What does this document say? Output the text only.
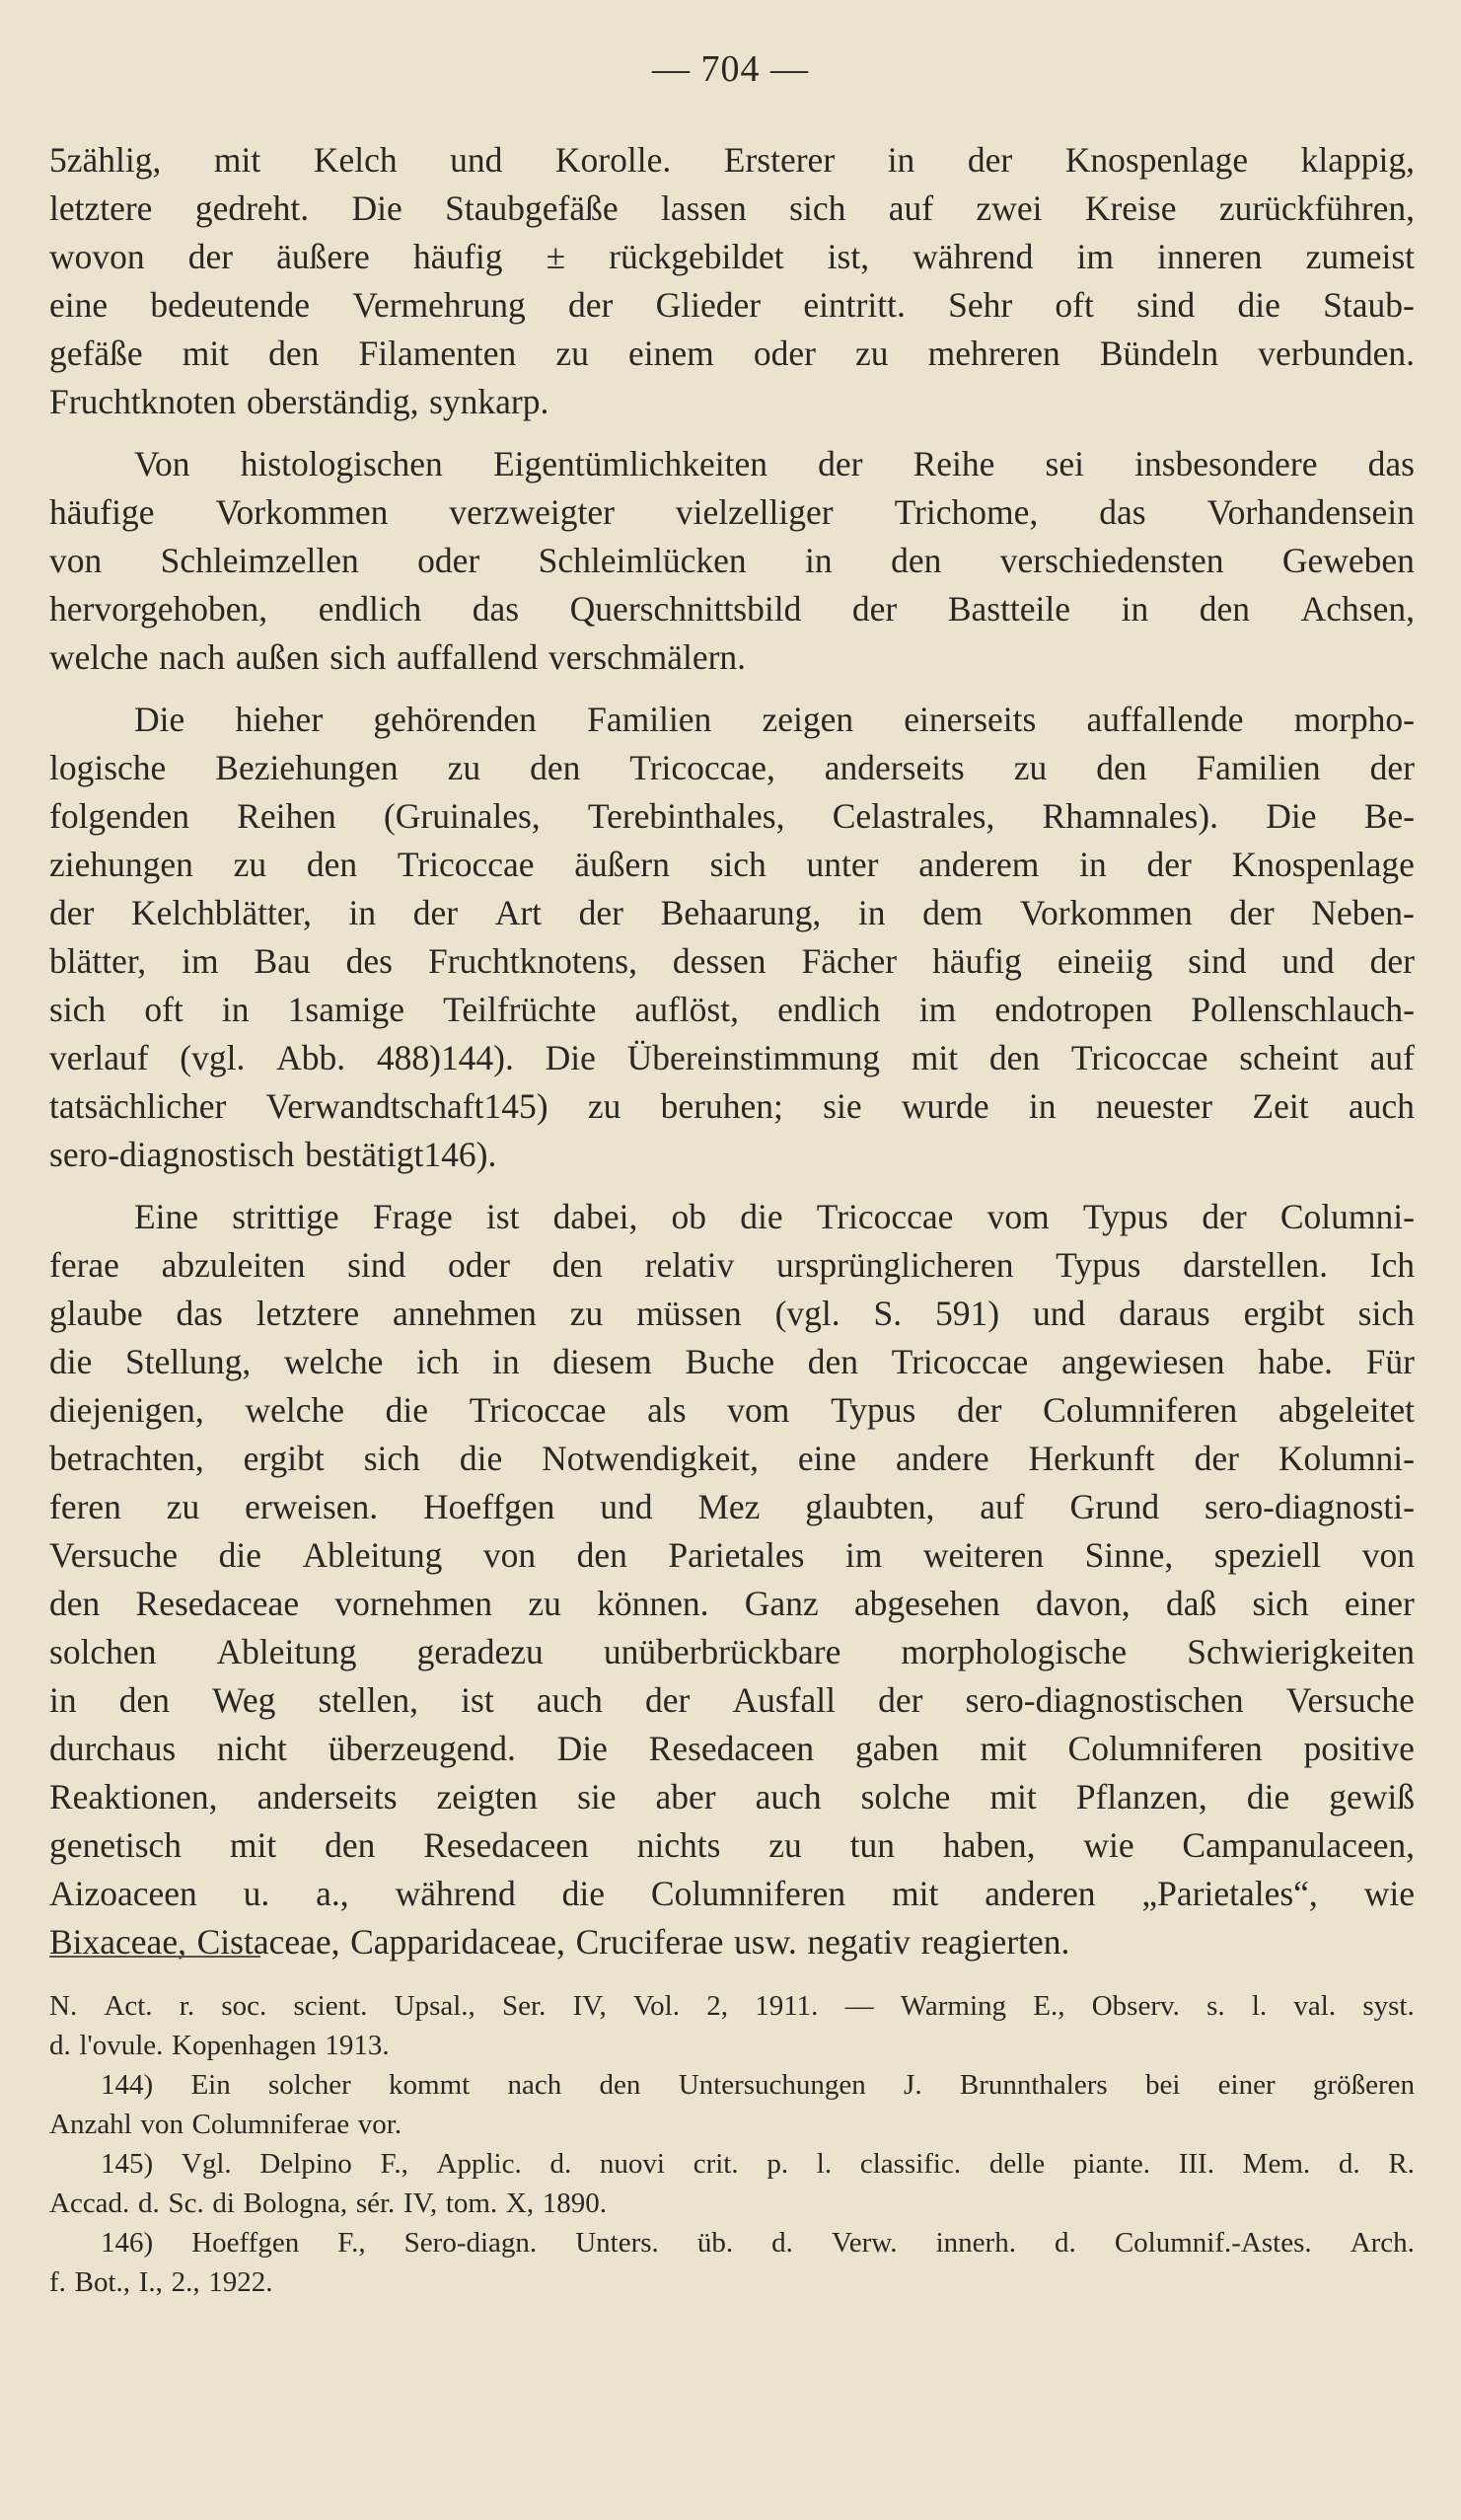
— 704 —
5zählig, mit Kelch und Korolle. Ersterer in der Knospenlage klappig,
letztere gedreht. Die Staubgefäße lassen sich auf zwei Kreise zurückführen,
wovon der äußere häufig ± rückgebildet ist, während im inneren zumeist
eine bedeutende Vermehrung der Glieder eintritt. Sehr oft sind die Staub-
gefäße mit den Filamenten zu einem oder zu mehreren Bündeln verbunden.
Fruchtknoten oberständig, synkarp.
Von histologischen Eigentümlichkeiten der Reihe sei insbesondere das
häufige Vorkommen verzweigter vielzelliger Trichome, das Vorhandensein
von Schleimzellen oder Schleimlücken in den verschiedensten Geweben
hervorgehoben, endlich das Querschnittsbild der Bastteile in den Achsen,
welche nach außen sich auffallend verschmälern.
Die hieher gehörenden Familien zeigen einerseits auffallende morpho-
logische Beziehungen zu den Tricoccae, anderseits zu den Familien der
folgenden Reihen (Gruinales, Terebinthales, Celastrales, Rhamnales). Die Be-
ziehungen zu den Tricoccae äußern sich unter anderem in der Knospenlage
der Kelchblätter, in der Art der Behaarung, in dem Vorkommen der Neben-
blätter, im Bau des Fruchtknotens, dessen Fächer häufig eineiig sind und der
sich oft in 1samige Teilfrüchte auflöst, endlich im endotropen Pollenschlauch-
verlauf (vgl. Abb. 488)144). Die Übereinstimmung mit den Tricoccae scheint auf
tatsächlicher Verwandtschaft145) zu beruhen; sie wurde in neuester Zeit auch
sero-diagnostisch bestätigt146).
Eine strittige Frage ist dabei, ob die Tricoccae vom Typus der Columni-
ferae abzuleiten sind oder den relativ ursprünglicheren Typus darstellen. Ich
glaube das letztere annehmen zu müssen (vgl. S. 591) und daraus ergibt sich
die Stellung, welche ich in diesem Buche den Tricoccae angewiesen habe. Für
diejenigen, welche die Tricoccae als vom Typus der Columniferen abgeleitet
betrachten, ergibt sich die Notwendigkeit, eine andere Herkunft der Kolumni-
feren zu erweisen. Hoeffgen und Mez glaubten, auf Grund sero-diagnosti-
Versuche die Ableitung von den Parietales im weiteren Sinne, speziell von
den Resedaceae vornehmen zu können. Ganz abgesehen davon, daß sich einer
solchen Ableitung geradezu unüberbrückbare morphologische Schwierigkeiten
in den Weg stellen, ist auch der Ausfall der sero-diagnostischen Versuche
durchaus nicht überzeugend. Die Resedaceen gaben mit Columniferen positive
Reaktionen, anderseits zeigten sie aber auch solche mit Pflanzen, die gewiß
genetisch mit den Resedaceen nichts zu tun haben, wie Campanulaceen,
Aizoaceen u. a., während die Columniferen mit anderen „Parietales“, wie
Bixaceae, Cistaceae, Capparidaceae, Cruciferae usw. negativ reagierten.
N. Act. r. soc. scient. Upsal., Ser. IV, Vol. 2, 1911. — Warming E., Observ. s. l. val. syst.
d. l'ovule. Kopenhagen 1913.
144) Ein solcher kommt nach den Untersuchungen J. Brunnthalers bei einer größeren
Anzahl von Columniferae vor.
145) Vgl. Delpino F., Applic. d. nuovi crit. p. l. classific. delle piante. III. Mem. d. R.
Accad. d. Sc. di Bologna, sér. IV, tom. X, 1890.
146) Hoeffgen F., Sero-diagn. Unters. üb. d. Verw. innerh. d. Columnif.-Astes. Arch.
f. Bot., I., 2., 1922.
